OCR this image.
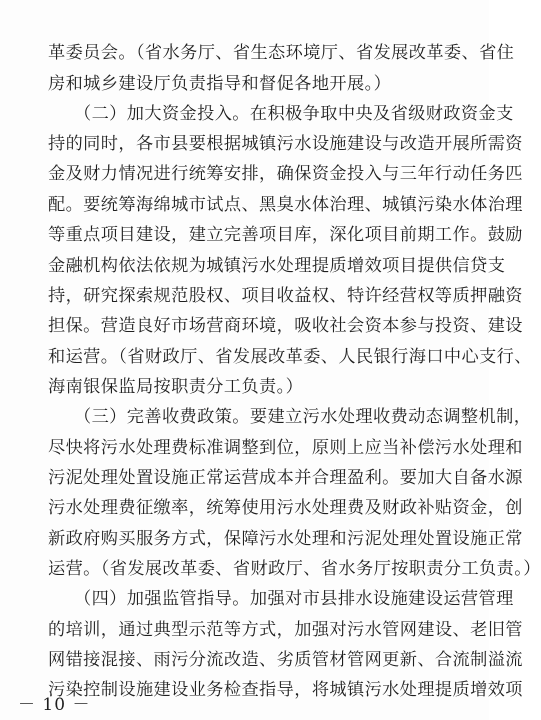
革委员会。（省水务厅、省生态环境厅、省发展改革委、省住
房和城乡建设厅负责指导和督促各地开展。）
（二）加大资金投入。在积极争取中央及省级财政资金支
持的同时，各市县要根据城镇污水设施建设与改造开展所需资
金及财力情况进行统筹安排，确保资金投入与三年行动任务匹
配。要统筹海绵城市试点、黑臭水体治理、城镇污染水体治理
等重点项目建设，建立完善项目库，深化项目前期工作。鼓励
金融机构依法依规为城镇污水处理提质增效项目提供信贷支
持，研究探索规范股权、项目收益权、特许经营权等质押融资
担保。营造良好市场营商环境，吸收社会资本参与投资、建设
和运营。（省财政厅、省发展改革委、人民银行海口中心支行、
海南银保监局按职责分工负责。）
（三）完善收费政策。要建立污水处理收费动态调整机制，
尽快将污水处理费标准调整到位，原则上应当补偿污水处理和
污泥处理处置设施正常运营成本并合理盈利。要加大自备水源
污水处理费征缴率，统筹使用污水处理费及财政补贴资金，创
新政府购买服务方式，保障污水处理和污泥处理处置设施正常
运营。（省发展改革委、省财政厅、省水务厅按职责分工负责。）
（四）加强监管指导。加强对市县排水设施建设运营管理
的培训，通过典型示范等方式，加强对污水管网建设、老旧管
网错接混接、雨污分流改造、劣质管材管网更新、合流制溢流
污染控制设施建设业务检查指导，将城镇污水处理提质增效项
－ 10 －
